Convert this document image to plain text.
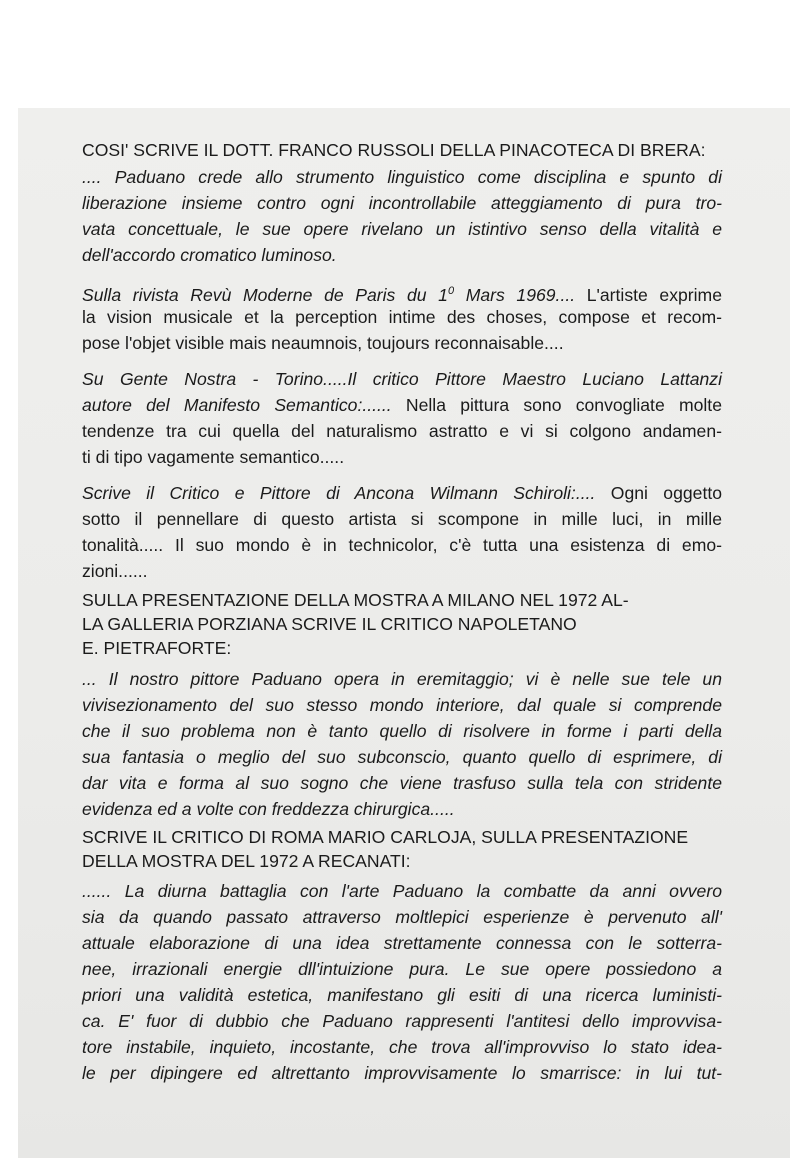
COSI' SCRIVE IL DOTT. FRANCO RUSSOLI DELLA PINACOTECA DI BRERA:
.... Paduano crede allo strumento linguistico come disciplina e spunto di
liberazione insieme contro ogni incontrollabile atteggiamento di pura tro-
vata concettuale, le sue opere rivelano un istintivo senso della vitalità e
dell'accordo cromatico luminoso.
Sulla rivista Revù Moderne de Paris du $1^0$ Mars 1969.... L'artiste exprime
la vision musicale et la perception intime des choses, compose et recom-
pose l'objet visible mais neaumnois, toujours reconnaisable....
Su Gente Nostra - Torino.....Il critico Pittore Maestro Luciano Lattanzi
autore del Manifesto Semantico:...... Nella pittura sono convogliate molte
tendenze tra cui quella del naturalismo astratto e vi si colgono andamen-
ti di tipo vagamente semantico.....
Scrive il Critico e Pittore di Ancona Wilmann Schiroli:.... Ogni oggetto
sotto il pennellare di questo artista si scompone in mille luci, in mille
tonalità..... Il suo mondo è in technicolor, c'è tutta una esistenza di emo-
zioni......
SULLA PRESENTAZIONE DELLA MOSTRA A MILANO NEL 1972 AL-
LA GALLERIA PORZIANA SCRIVE IL CRITICO NAPOLETANO
E. PIETRAFORTE:
... Il nostro pittore Paduano opera in eremitaggio; vi è nelle sue tele un
vivisezionamento del suo stesso mondo interiore, dal quale si comprende
che il suo problema non è tanto quello di risolvere in forme i parti della
sua fantasia o meglio del suo subconscio, quanto quello di esprimere, di
dar vita e forma al suo sogno che viene trasfuso sulla tela con stridente
evidenza ed a volte con freddezza chirurgica.....
SCRIVE IL CRITICO DI ROMA MARIO CARLOJA, SULLA PRESENTAZIONE
DELLA MOSTRA DEL 1972 A RECANATI:
...... La diurna battaglia con l'arte Paduano la combatte da anni ovvero
sia da quando passato attraverso moltlepici esperienze è pervenuto all'
attuale elaborazione di una idea strettamente connessa con le sotterra-
nee, irrazionali energie dll'intuizione pura. Le sue opere possiedono a
priori una validità estetica, manifestano gli esiti di una ricerca luministi-
ca. E' fuor di dubbio che Paduano rappresenti l'antitesi dello improvvisa-
tore instabile, inquieto, incostante, che trova all'improvviso lo stato idea-
le per dipingere ed altrettanto improvvisamente lo smarrisce: in lui tut-
